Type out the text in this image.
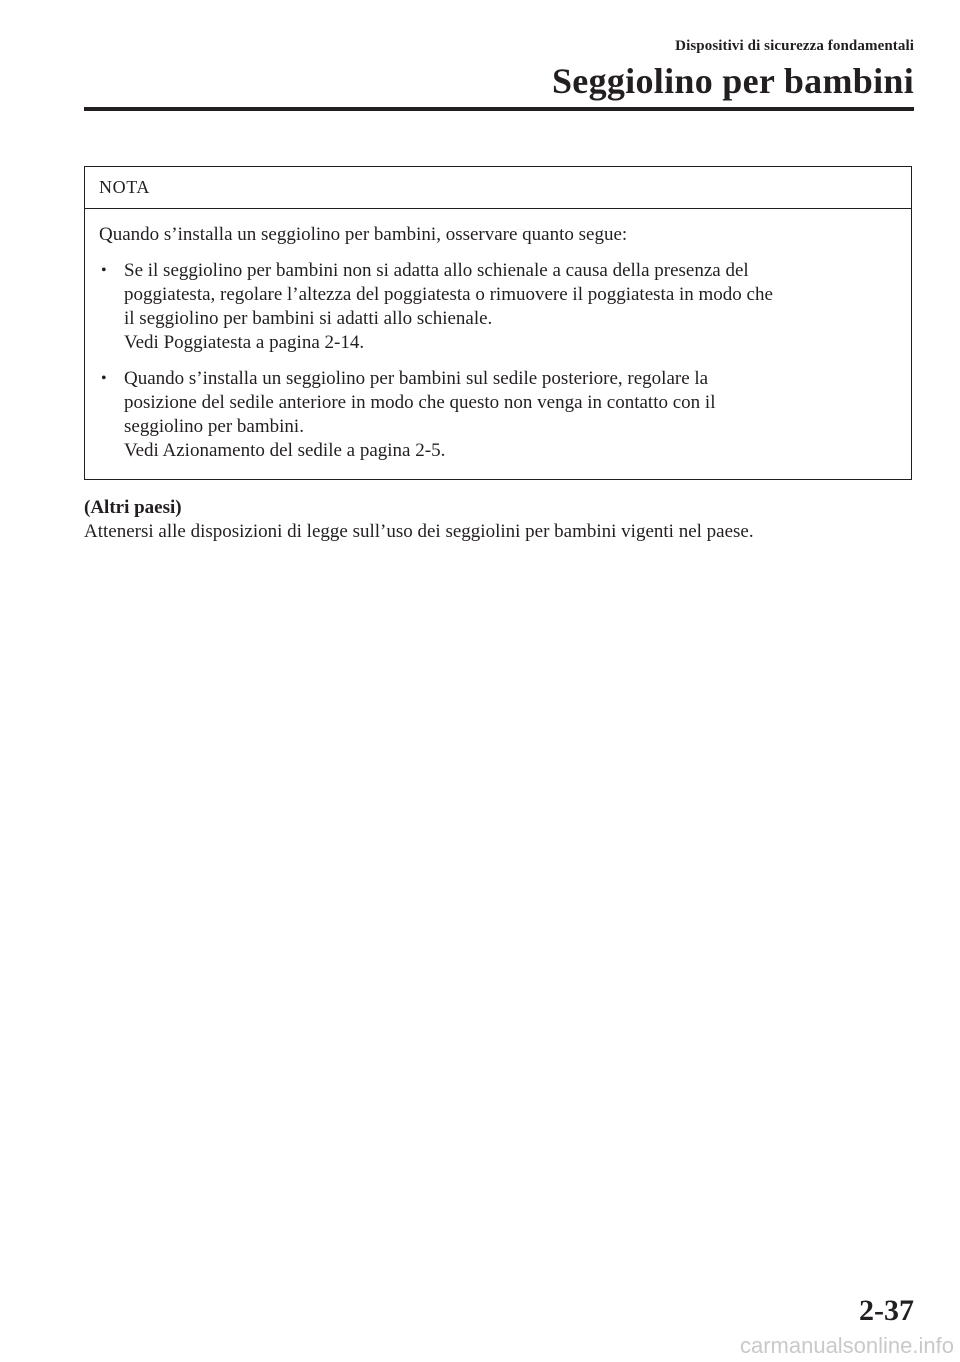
Dispositivi di sicurezza fondamentali
Seggiolino per bambini
NOTA

Quando s’installa un seggiolino per bambini, osservare quanto segue:

• Se il seggiolino per bambini non si adatta allo schienale a causa della presenza del
poggiatesta, regolare l’altezza del poggiatesta o rimuovere il poggiatesta in modo che
il seggiolino per bambini si adatti allo schienale.
Vedi Poggiatesta a pagina 2-14.
• Quando s’installa un seggiolino per bambini sul sedile posteriore, regolare la
posizione del sedile anteriore in modo che questo non venga in contatto con il
seggiolino per bambini.
Vedi Azionamento del sedile a pagina 2-5.
(Altri paesi)
Attenersi alle disposizioni di legge sull’uso dei seggiolini per bambini vigenti nel paese.
2-37
carmanualsonline.info
